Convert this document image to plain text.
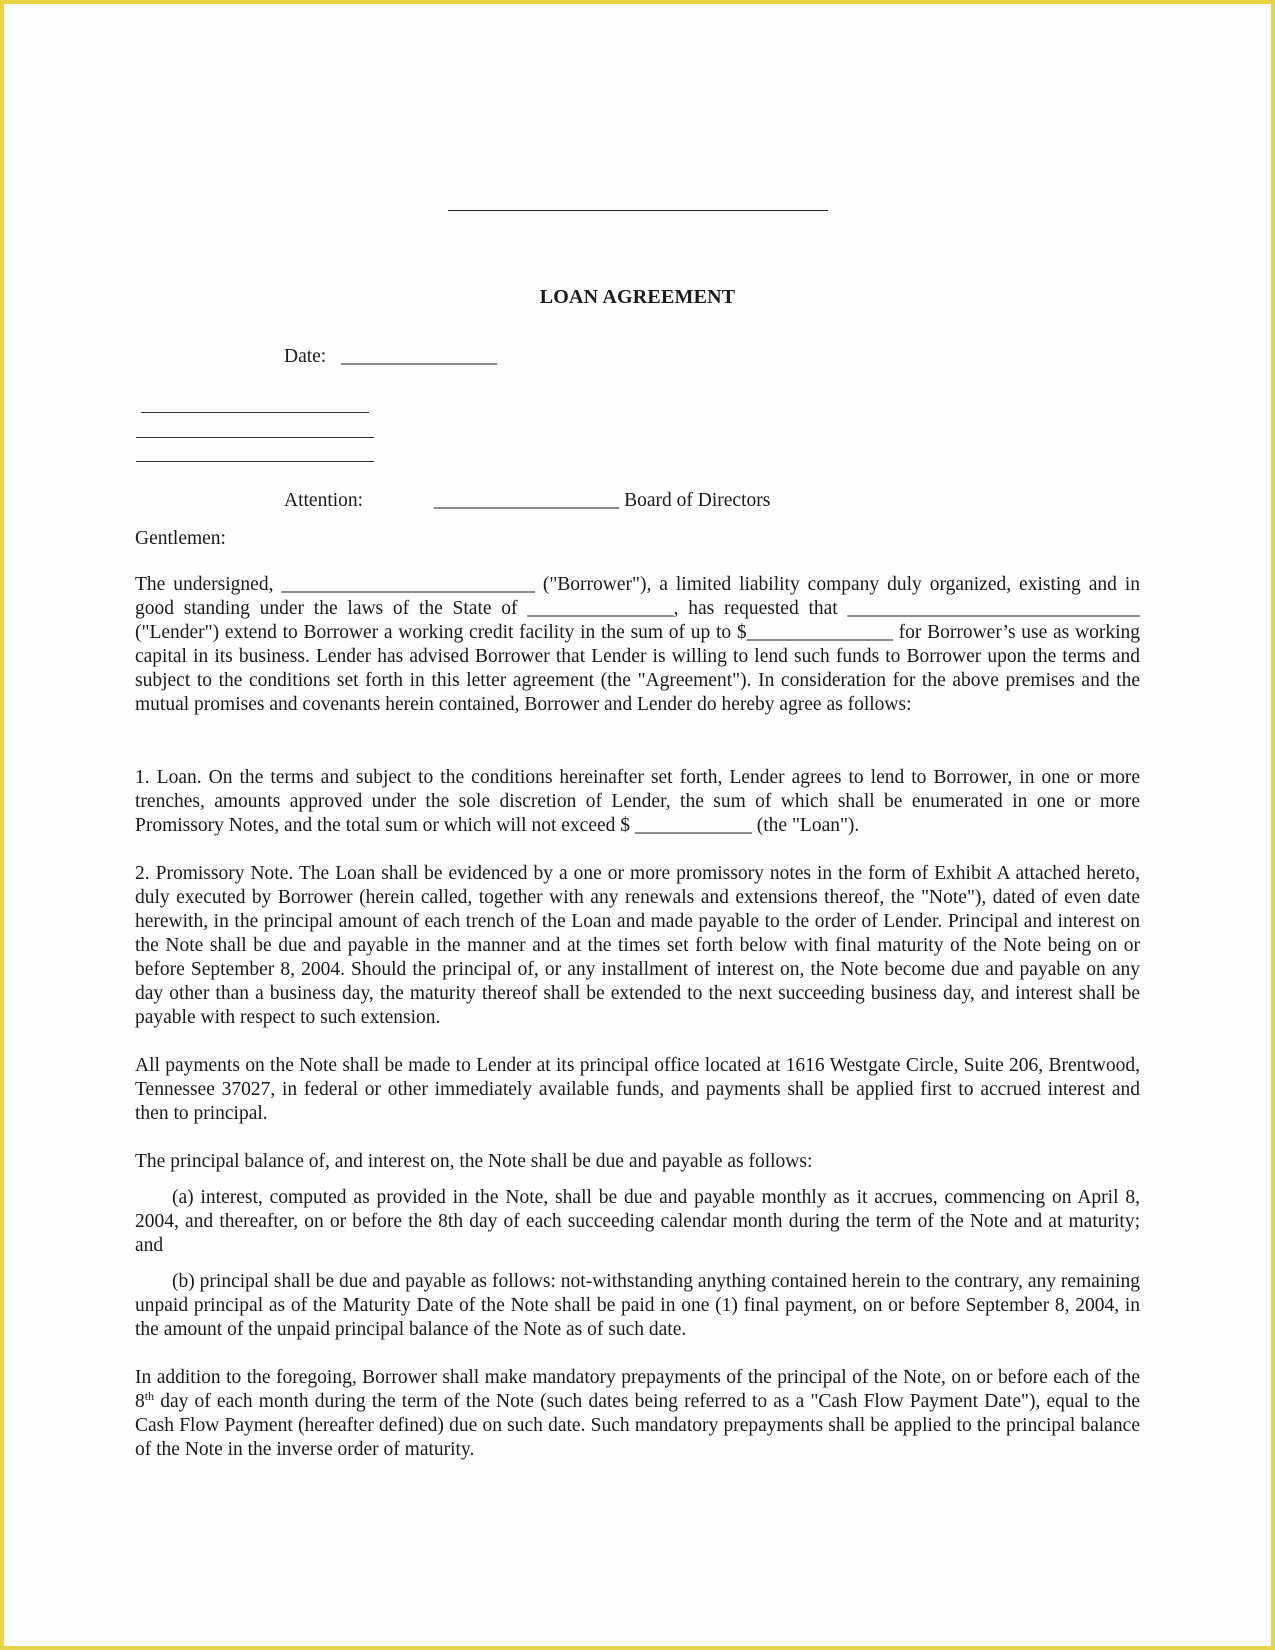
LOAN AGREEMENT
Date: ________________
Attention:	___________________ Board of Directors
Gentlemen:
The undersigned, __________________________ ("Borrower"), a limited liability company duly organized, existing and in good standing under the laws of the State of _______________, has requested that ______________________________ ("Lender") extend to Borrower a working credit facility in the sum of up to $_______________ for Borrower’s use as working capital in its business. Lender has advised Borrower that Lender is willing to lend such funds to Borrower upon the terms and subject to the conditions set forth in this letter agreement (the "Agreement"). In consideration for the above premises and the mutual promises and covenants herein contained, Borrower and Lender do hereby agree as follows:
1. Loan. On the terms and subject to the conditions hereinafter set forth, Lender agrees to lend to Borrower, in one or more trenches, amounts approved under the sole discretion of Lender, the sum of which shall be enumerated in one or more Promissory Notes, and the total sum or which will not exceed $ ____________ (the "Loan").
2. Promissory Note. The Loan shall be evidenced by a one or more promissory notes in the form of Exhibit A attached hereto, duly executed by Borrower (herein called, together with any renewals and extensions thereof, the "Note"), dated of even date herewith, in the principal amount of each trench of the Loan and made payable to the order of Lender. Principal and interest on the Note shall be due and payable in the manner and at the times set forth below with final maturity of the Note being on or before September 8, 2004. Should the principal of, or any installment of interest on, the Note become due and payable on any day other than a business day, the maturity thereof shall be extended to the next succeeding business day, and interest shall be payable with respect to such extension.
All payments on the Note shall be made to Lender at its principal office located at 1616 Westgate Circle, Suite 206, Brentwood, Tennessee 37027, in federal or other immediately available funds, and payments shall be applied first to accrued interest and then to principal.
The principal balance of, and interest on, the Note shall be due and payable as follows:
(a) interest, computed as provided in the Note, shall be due and payable monthly as it accrues, commencing on April 8, 2004, and thereafter, on or before the 8th day of each succeeding calendar month during the term of the Note and at maturity; and
(b) principal shall be due and payable as follows: not-withstanding anything contained herein to the contrary, any remaining unpaid principal as of the Maturity Date of the Note shall be paid in one (1) final payment, on or before September 8, 2004, in the amount of the unpaid principal balance of the Note as of such date.
In addition to the foregoing, Borrower shall make mandatory prepayments of the principal of the Note, on or before each of the 8th day of each month during the term of the Note (such dates being referred to as a "Cash Flow Payment Date"), equal to the Cash Flow Payment (hereafter defined) due on such date. Such mandatory prepayments shall be applied to the principal balance of the Note in the inverse order of maturity.
